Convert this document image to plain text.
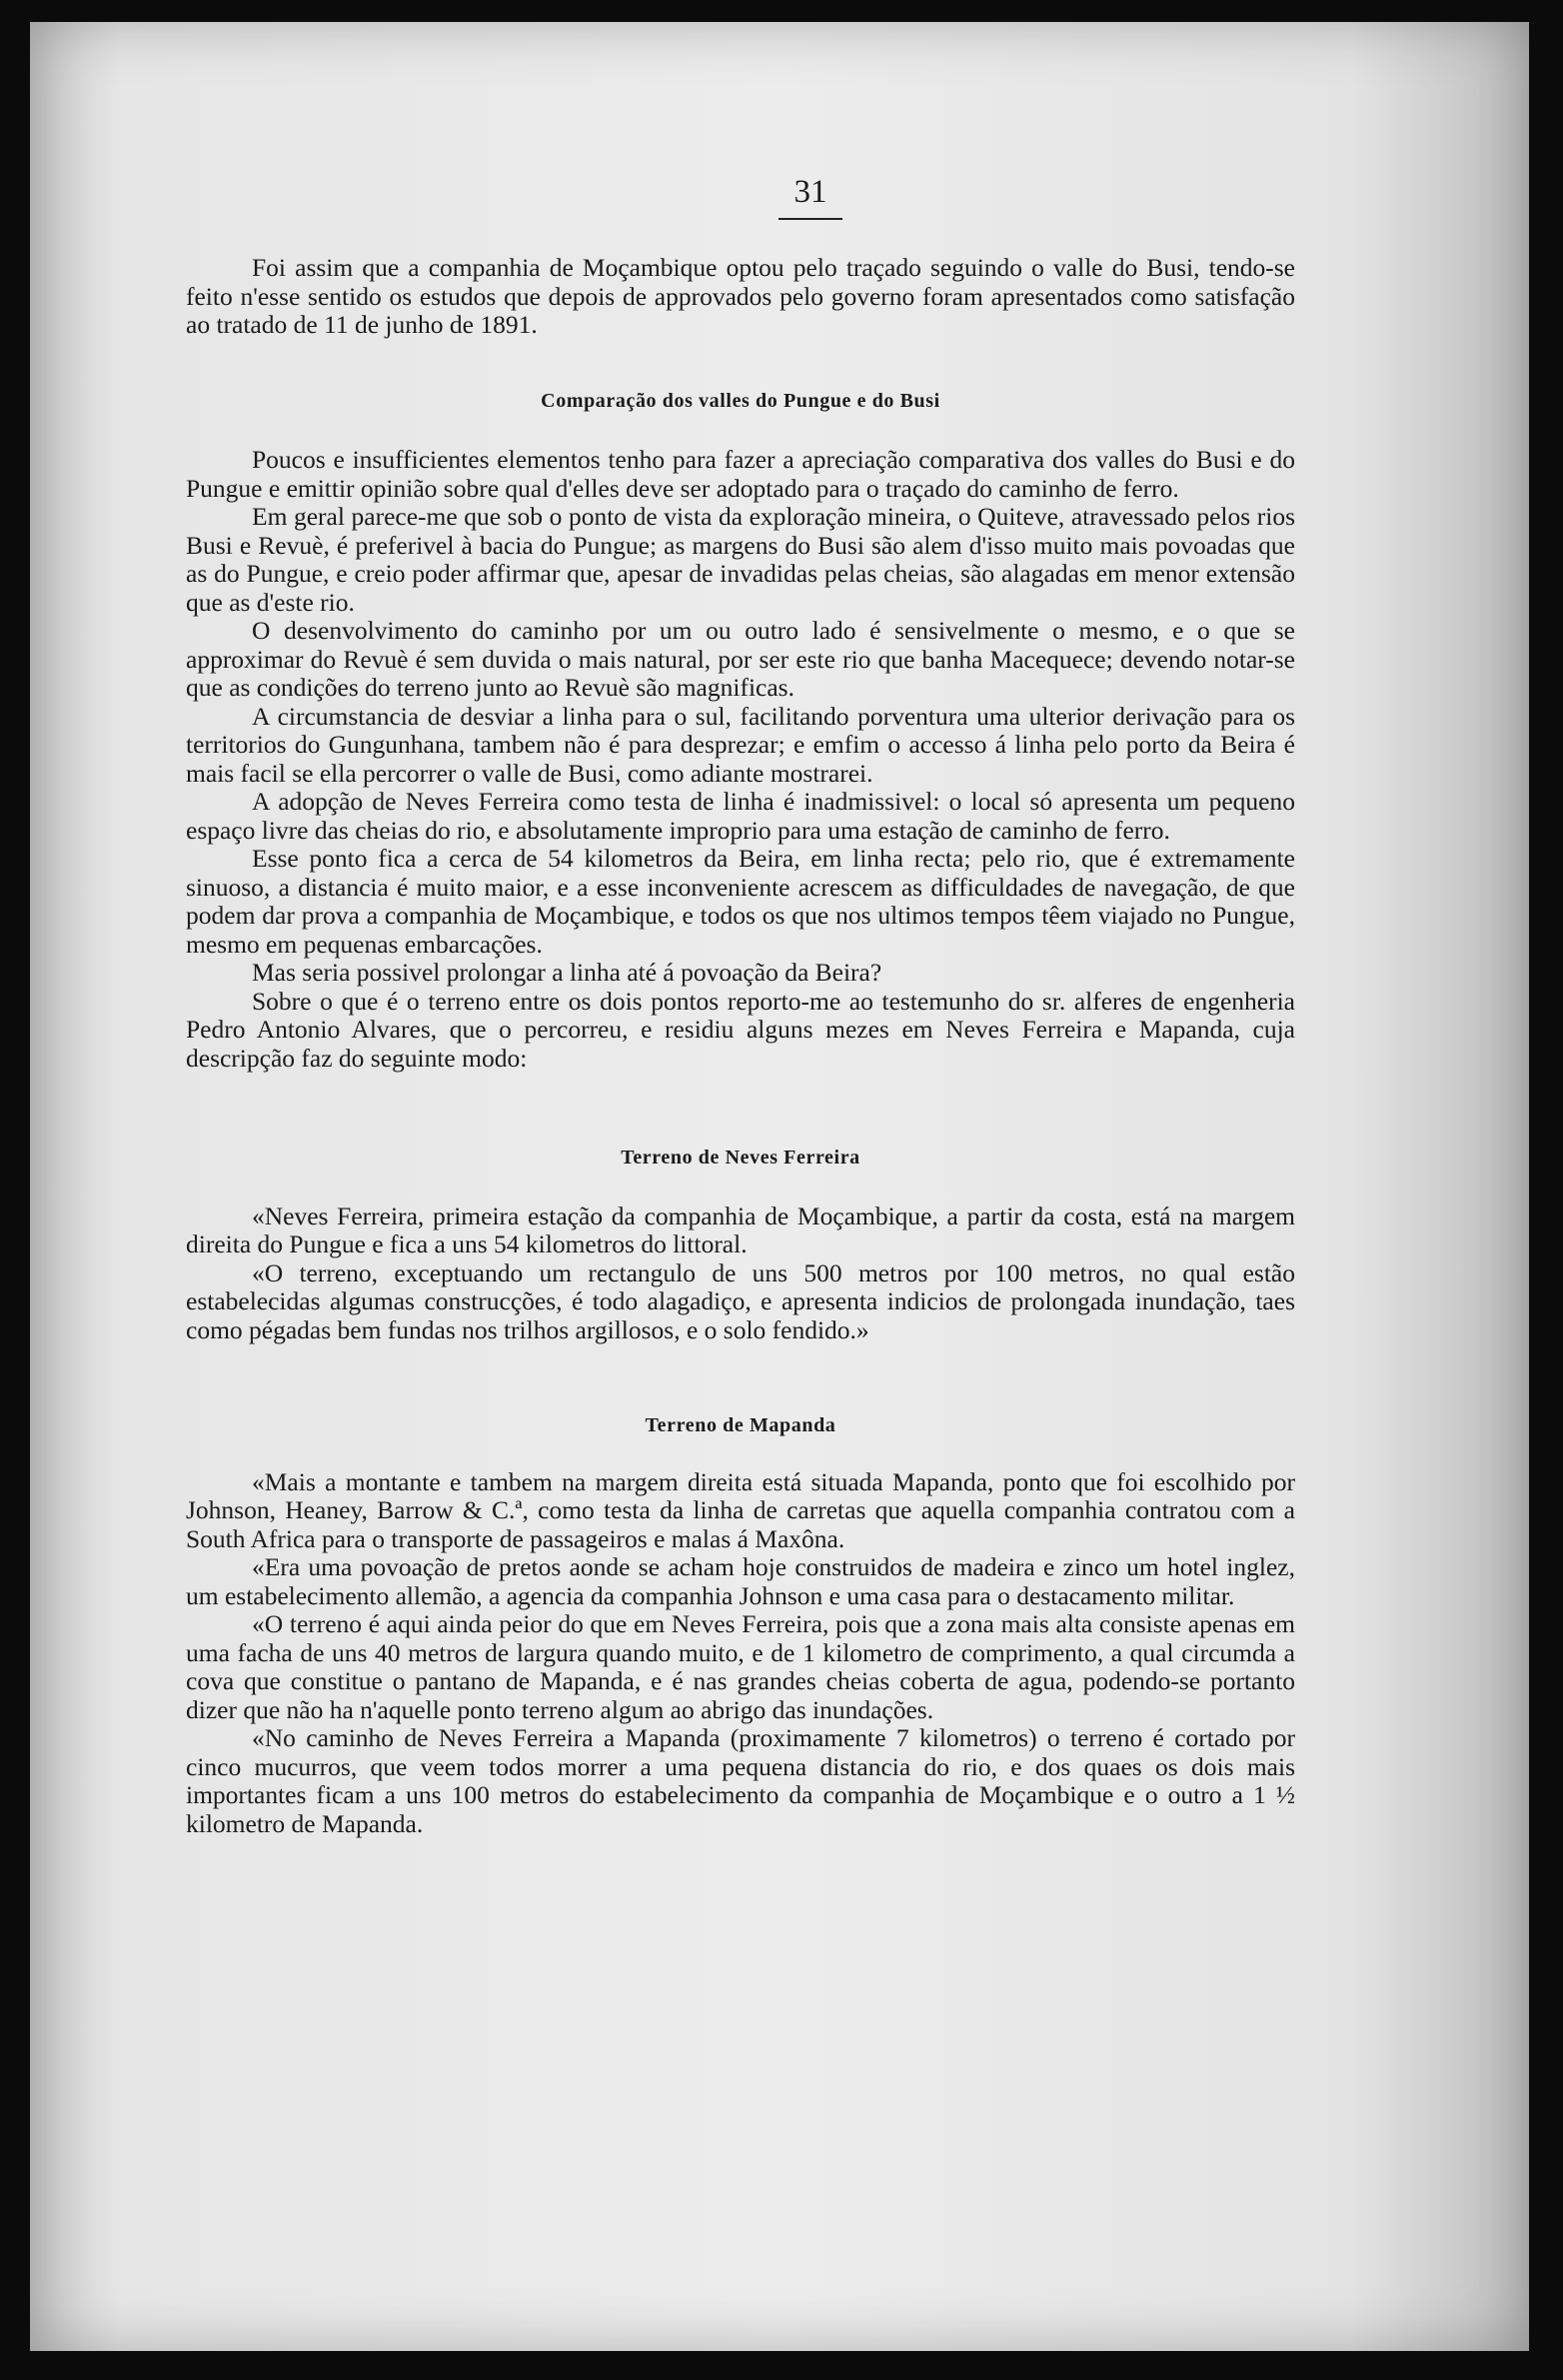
31

Foi assim que a companhia de Moçambique optou pelo traçado seguindo o valle do Busi, tendo-se feito n'esse sentido os estudos que depois de approvados pelo governo foram apresentados como satisfação ao tratado de 11 de junho de 1891.

Comparação dos valles do Pungue e do Busi

Poucos e insufficientes elementos tenho para fazer a apreciação comparativa dos valles do Busi e do Pungue e emittir opinião sobre qual d'elles deve ser adoptado para o traçado do caminho de ferro.

Em geral parece-me que sob o ponto de vista da exploração mineira, o Quiteve, atravessado pelos rios Busi e Revuè, é preferivel à bacia do Pungue; as margens do Busi são alem d'isso muito mais povoadas que as do Pungue, e creio poder affirmar que, apesar de invadidas pelas cheias, são alagadas em menor extensão que as d'este rio.

O desenvolvimento do caminho por um ou outro lado é sensivelmente o mesmo, e o que se approximar do Revuè é sem duvida o mais natural, por ser este rio que banha Macequece; devendo notar-se que as condições do terreno junto ao Revuè são magnificas.

A circumstancia de desviar a linha para o sul, facilitando porventura uma ulterior derivação para os territorios do Gungunhana, tambem não é para desprezar; e emfim o accesso á linha pelo porto da Beira é mais facil se ella percorrer o valle de Busi, como adiante mostrarei.

A adopção de Neves Ferreira como testa de linha é inadmissivel: o local só apresenta um pequeno espaço livre das cheias do rio, e absolutamente improprio para uma estação de caminho de ferro.

Esse ponto fica a cerca de 54 kilometros da Beira, em linha recta; pelo rio, que é extremamente sinuoso, a distancia é muito maior, e a esse inconveniente acrescem as difficuldades de navegação, de que podem dar prova a companhia de Moçambique, e todos os que nos ultimos tempos têem viajado no Pungue, mesmo em pequenas embarcações.

Mas seria possivel prolongar a linha até á povoação da Beira?

Sobre o que é o terreno entre os dois pontos reporto-me ao testemunho do sr. alferes de engenheria Pedro Antonio Alvares, que o percorreu, e residiu alguns mezes em Neves Ferreira e Mapanda, cuja descripção faz do seguinte modo:

Terreno de Neves Ferreira

«Neves Ferreira, primeira estação da companhia de Moçambique, a partir da costa, está na margem direita do Pungue e fica a uns 54 kilometros do littoral.

«O terreno, exceptuando um rectangulo de uns 500 metros por 100 metros, no qual estão estabelecidas algumas construcções, é todo alagadiço, e apresenta indicios de prolongada inundação, taes como pégadas bem fundas nos trilhos argillosos, e o solo fendido.»

Terreno de Mapanda

«Mais a montante e tambem na margem direita está situada Mapanda, ponto que foi escolhido por Johnson, Heaney, Barrow & C.ª, como testa da linha de carretas que aquella companhia contratou com a South Africa para o transporte de passageiros e malas á Maxôna.

«Era uma povoação de pretos aonde se acham hoje construidos de madeira e zinco um hotel inglez, um estabelecimento allemão, a agencia da companhia Johnson e uma casa para o destacamento militar.

«O terreno é aqui ainda peior do que em Neves Ferreira, pois que a zona mais alta consiste apenas em uma facha de uns 40 metros de largura quando muito, e de 1 kilometro de comprimento, a qual circumda a cova que constitue o pantano de Mapanda, e é nas grandes cheias coberta de agua, podendo-se portanto dizer que não ha n'aquelle ponto terreno algum ao abrigo das inundações.

«No caminho de Neves Ferreira a Mapanda (proximamente 7 kilometros) o terreno é cortado por cinco mucurros, que veem todos morrer a uma pequena distancia do rio, e dos quaes os dois mais importantes ficam a uns 100 metros do estabelecimento da companhia de Moçambique e o outro a 1 ½ kilometro de Mapanda.
